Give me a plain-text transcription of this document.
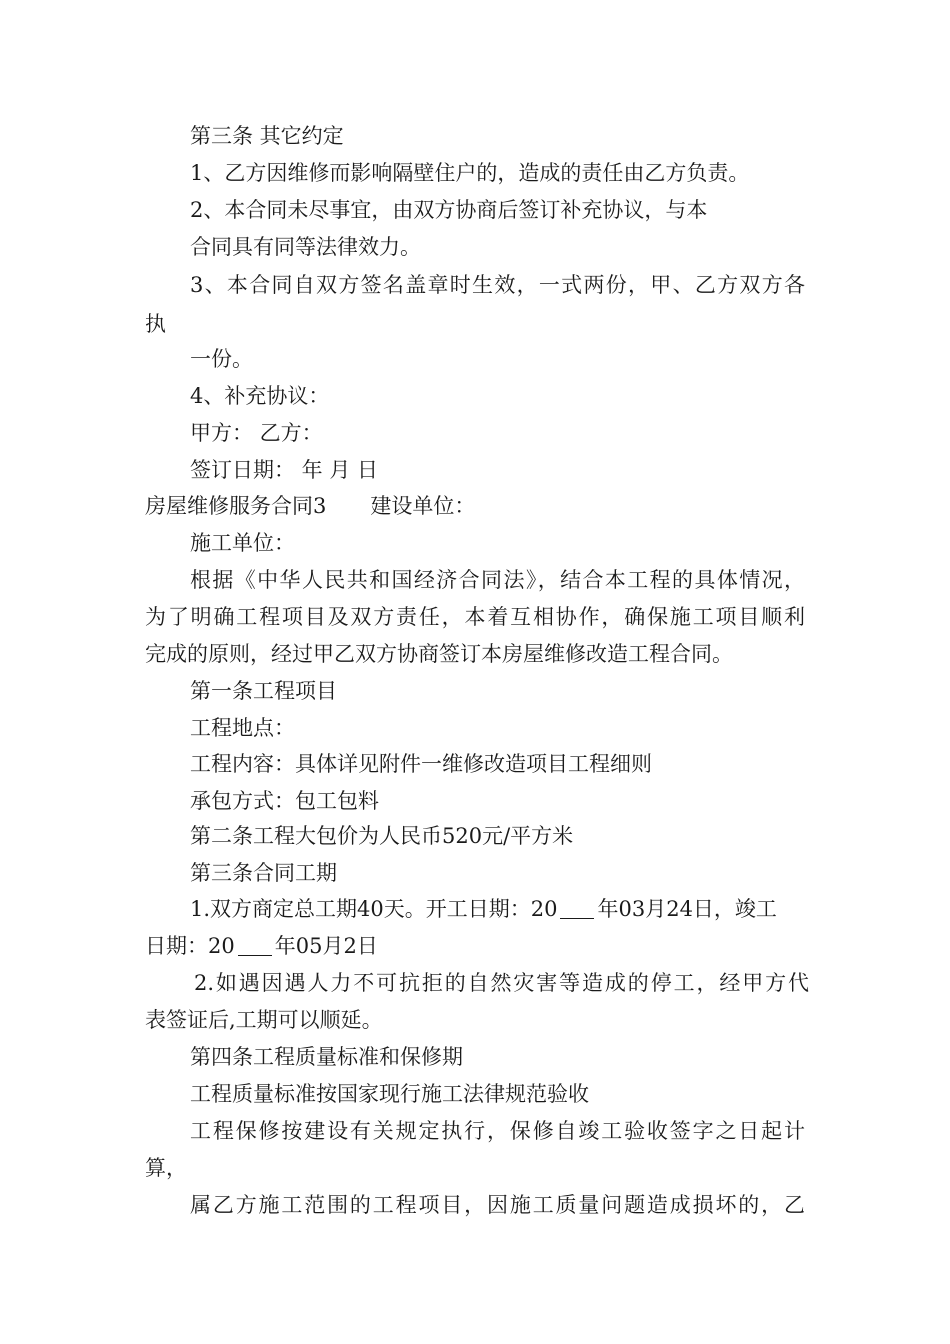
第三条 其它约定
1、乙方因维修而影响隔壁住户的，造成的责任由乙方负责。
2、本合同未尽事宜，由双方协商后签订补充协议，与本
合同具有同等法律效力。
3、本合同自双方签名盖章时生效，一式两份，甲、乙方双方各
执
一份。
4、补充协议：
甲方： 乙方：
签订日期： 年 月 日
房屋维修服务合同3 建设单位：
施工单位：
根据《中华人民共和国经济合同法》，结合本工程的具体情况，
为了明确工程项目及双方责任，本着互相协作，确保施工项目顺利
完成的原则，经过甲乙双方协商签订本房屋维修改造工程合同。
第一条工程项目
工程地点：
工程内容：具体详见附件一维修改造项目工程细则
承包方式：包工包料
第二条工程大包价为人民币520元/平方米
第三条合同工期
1.双方商定总工期40天。开工日期：20 年03月24日，竣工
日期：20 年05月2日
2.如遇因遇人力不可抗拒的自然灾害等造成的停工，经甲方代
表签证后,工期可以顺延。
第四条工程质量标准和保修期
工程质量标准按国家现行施工法律规范验收
工程保修按建设有关规定执行，保修自竣工验收签字之日起计
算，
属乙方施工范围的工程项目，因施工质量问题造成损坏的，乙
